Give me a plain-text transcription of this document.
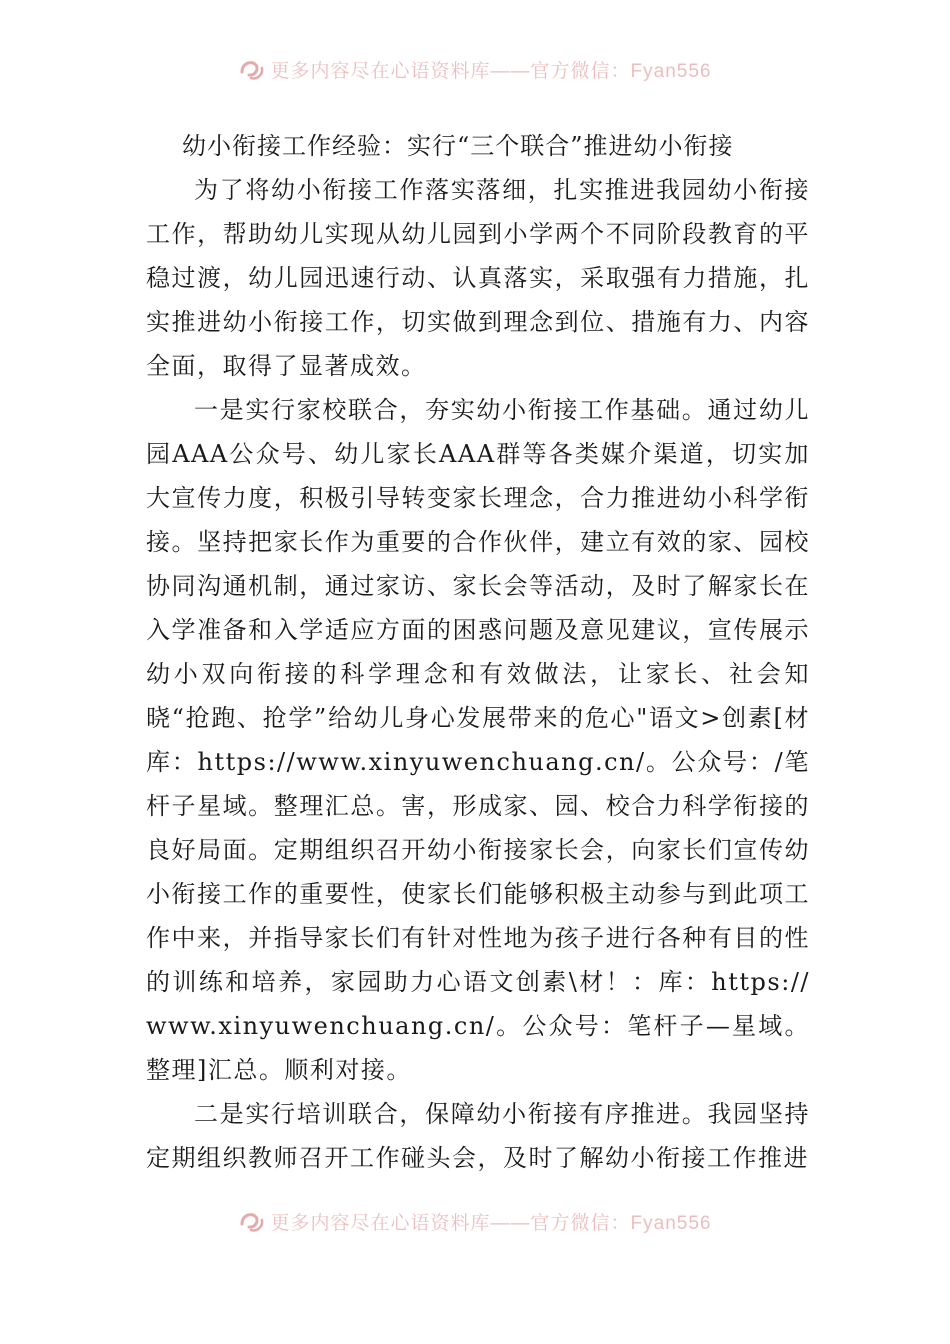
更多内容尽在心语资料库——官方微信：Fyan556
幼小衔接工作经验：实行“三个联合”推进幼小衔接

为了将幼小衔接工作落实落细，扎实推进我园幼小衔接工作，帮助幼儿实现从幼儿园到小学两个不同阶段教育的平稳过渡，幼儿园迅速行动、认真落实，采取强有力措施，扎实推进幼小衔接工作，切实做到理念到位、措施有力、内容全面，取得了显著成效。

一是实行家校联合，夯实幼小衔接工作基础。通过幼儿园AAA公众号、幼儿家长AAA群等各类媒介渠道，切实加大宣传力度，积极引导转变家长理念，合力推进幼小科学衔接。坚持把家长作为重要的合作伙伴，建立有效的家、园校协同沟通机制，通过家访、家长会等活动，及时了解家长在入学准备和入学适应方面的困惑问题及意见建议，宣传展示幼小双向衔接的科学理念和有效做法，让家长、社会知晓“抢跑、抢学”给幼儿身心发展带来的危心"语文>创素[材库：https://www.xinyuwenchuang.cn/。公众号：/笔杆子星域。整理汇总。害，形成家、园、校合力科学衔接的良好局面。定期组织召开幼小衔接家长会，向家长们宣传幼小衔接工作的重要性，使家长们能够积极主动参与到此项工作中来，并指导家长们有针对性地为孩子进行各种有目的性的训练和培养，家园助力心语文创素\材！：库：https://www.xinyuwenchuang.cn/。公众号：笔杆子—星域。整理]汇总。顺利对接。

二是实行培训联合，保障幼小衔接有序推进。我园坚持定期组织教师召开工作碰头会，及时了解幼小衔接工作推进

更多内容尽在心语资料库——官方微信：Fyan556
